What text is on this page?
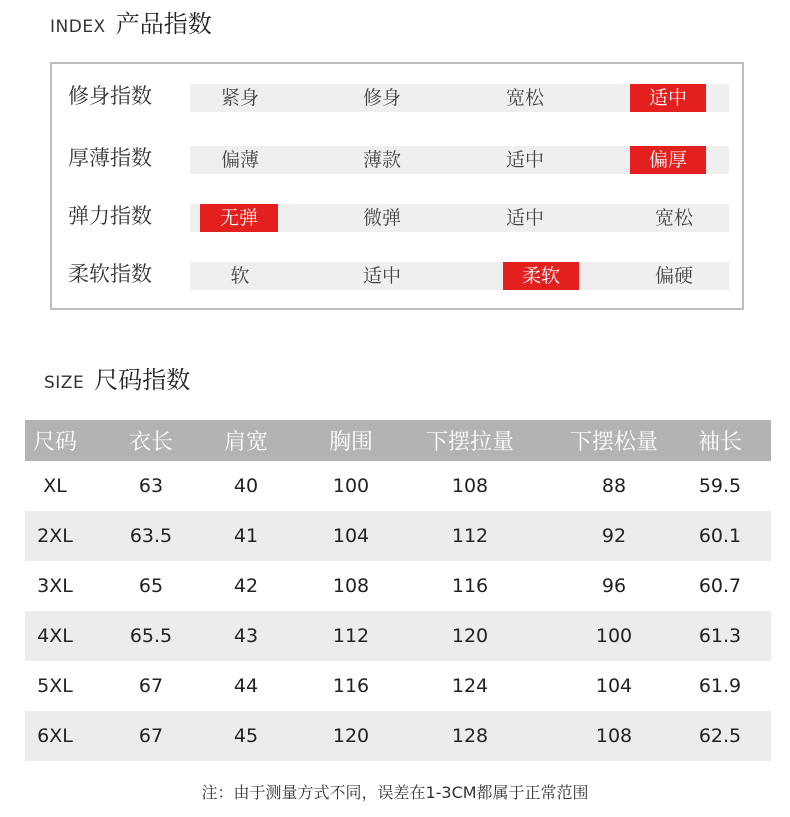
INDEX 产品指数
修身指数	紧身	修身	宽松	适中
厚薄指数	偏薄	薄款	适中	偏厚
弹力指数	无弹	微弹	适中	宽松
柔软指数	软	适中	柔软	偏硬
SIZE 尺码指数
尺码	衣长	肩宽	胸围	下摆拉量	下摆松量	袖长
XL	63	40	100	108	88	59.5
2XL	63.5	41	104	112	92	60.1
3XL	65	42	108	116	96	60.7
4XL	65.5	43	112	120	100	61.3
5XL	67	44	116	124	104	61.9
6XL	67	45	120	128	108	62.5
注：由于测量方式不同，误差在1-3CM都属于正常范围
